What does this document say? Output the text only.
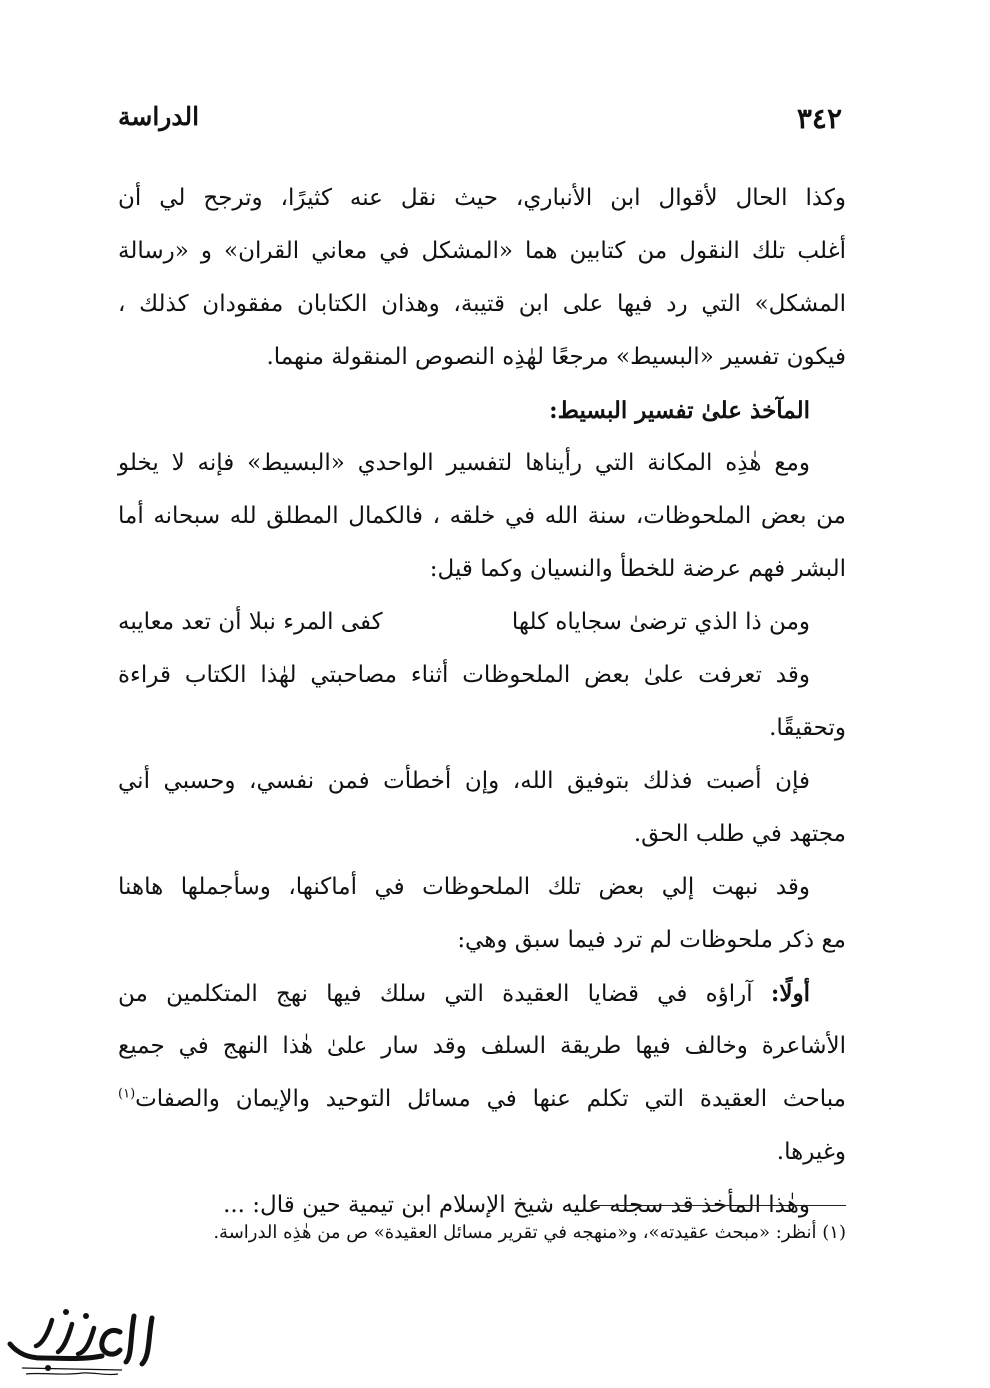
٣٤٢
الدراسة
وكذا الحال لأقوال ابن الأنباري، حيث نقل عنه كثيرًا، وترجح لي أن
أغلب تلك النقول من كتابين هما «المشكل في معاني القران» و «رسالة
المشكل» التي رد فيها على ابن قتيبة، وهذان الكتابان مفقودان كذلك ،
فيكون تفسير «البسيط» مرجعًا لهٰذِه النصوص المنقولة منهما.
المآخذ علىٰ تفسير البسيط:
ومع هٰذِه المكانة التي رأيناها لتفسير الواحدي «البسيط» فإنه لا يخلو
من بعض الملحوظات، سنة الله في خلقه ، فالكمال المطلق لله سبحانه أما
البشر فهم عرضة للخطأ والنسيان وكما قيل:
ومن ذا الذي ترضىٰ سجاياه كلها
كفى المرء نبلا أن تعد معايبه
وقد تعرفت علىٰ بعض الملحوظات أثناء مصاحبتي لهٰذا الكتاب قراءة
وتحقيقًا.
فإن أصبت فذلك بتوفيق الله، وإن أخطأت فمن نفسي، وحسبي أني
مجتهد في طلب الحق.
وقد نبهت إلي بعض تلك الملحوظات في أماكنها، وسأجملها هاهنا
مع ذكر ملحوظات لم ترد فيما سبق وهي:
أولًا: آراؤه في قضايا العقيدة التي سلك فيها نهج المتكلمين من
الأشاعرة وخالف فيها طريقة السلف وقد سار علىٰ هٰذا النهج في جميع
مباحث العقيدة التي تكلم عنها في مسائل التوحيد والإيمان والصفات$^{(١)}$
وغيرها.
وهٰذا المأخذ قد سجله عليه شيخ الإسلام ابن تيمية حين قال: ...
(١) أنظر: «مبحث عقيدته»، و«منهجه في تقرير مسائل العقيدة» ص من هٰذِه الدراسة.
